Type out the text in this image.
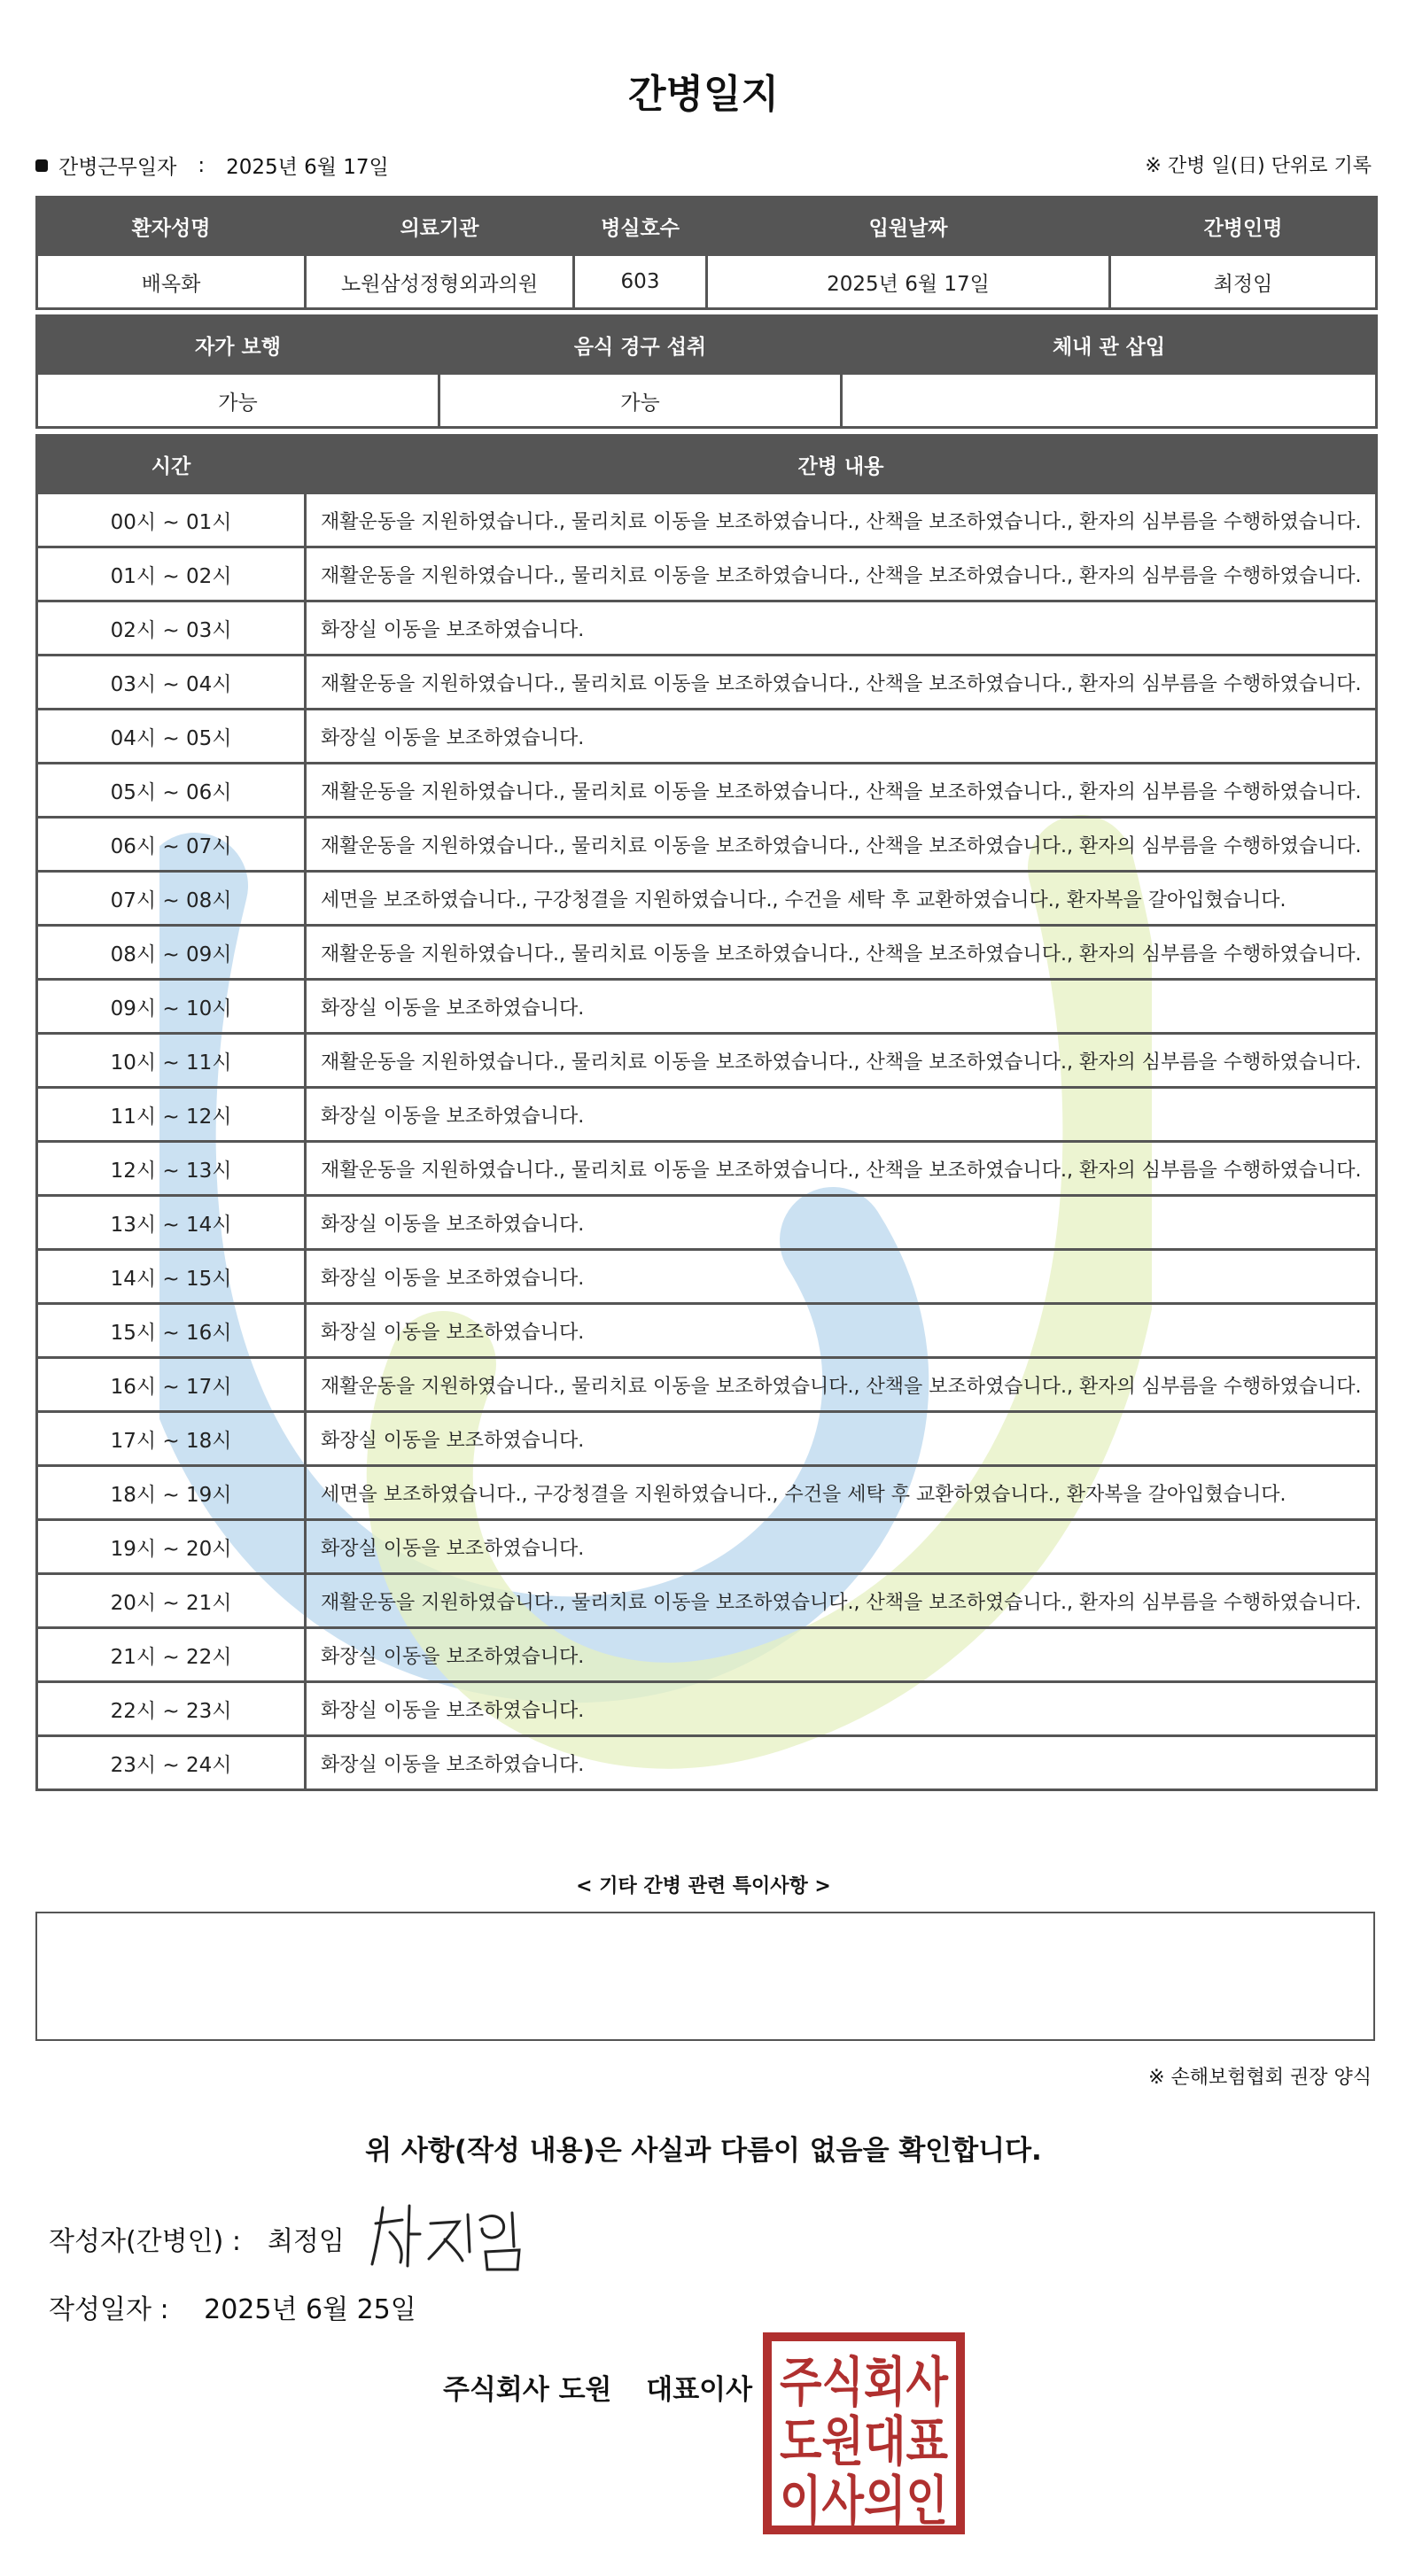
간병일지
간병근무일자 : 2025년 6월 17일	※ 간병 일(日) 단위로 기록
환자성명	의료기관	병실호수	입원날짜	간병인명
배옥화	노원삼성정형외과의원	603	2025년 6월 17일	최정임
자가 보행	음식 경구 섭취	체내 관 삽입
가능	가능	
시간	간병 내용
00시 ~ 01시	재활운동을 지원하였습니다., 물리치료 이동을 보조하였습니다., 산책을 보조하였습니다., 환자의 심부름을 수행하였습니다.
01시 ~ 02시	재활운동을 지원하였습니다., 물리치료 이동을 보조하였습니다., 산책을 보조하였습니다., 환자의 심부름을 수행하였습니다.
02시 ~ 03시	화장실 이동을 보조하였습니다.
03시 ~ 04시	재활운동을 지원하였습니다., 물리치료 이동을 보조하였습니다., 산책을 보조하였습니다., 환자의 심부름을 수행하였습니다.
04시 ~ 05시	화장실 이동을 보조하였습니다.
05시 ~ 06시	재활운동을 지원하였습니다., 물리치료 이동을 보조하였습니다., 산책을 보조하였습니다., 환자의 심부름을 수행하였습니다.
06시 ~ 07시	재활운동을 지원하였습니다., 물리치료 이동을 보조하였습니다., 산책을 보조하였습니다., 환자의 심부름을 수행하였습니다.
07시 ~ 08시	세면을 보조하였습니다., 구강청결을 지원하였습니다., 수건을 세탁 후 교환하였습니다., 환자복을 갈아입혔습니다.
08시 ~ 09시	재활운동을 지원하였습니다., 물리치료 이동을 보조하였습니다., 산책을 보조하였습니다., 환자의 심부름을 수행하였습니다.
09시 ~ 10시	화장실 이동을 보조하였습니다.
10시 ~ 11시	재활운동을 지원하였습니다., 물리치료 이동을 보조하였습니다., 산책을 보조하였습니다., 환자의 심부름을 수행하였습니다.
11시 ~ 12시	화장실 이동을 보조하였습니다.
12시 ~ 13시	재활운동을 지원하였습니다., 물리치료 이동을 보조하였습니다., 산책을 보조하였습니다., 환자의 심부름을 수행하였습니다.
13시 ~ 14시	화장실 이동을 보조하였습니다.
14시 ~ 15시	화장실 이동을 보조하였습니다.
15시 ~ 16시	화장실 이동을 보조하였습니다.
16시 ~ 17시	재활운동을 지원하였습니다., 물리치료 이동을 보조하였습니다., 산책을 보조하였습니다., 환자의 심부름을 수행하였습니다.
17시 ~ 18시	화장실 이동을 보조하였습니다.
18시 ~ 19시	세면을 보조하였습니다., 구강청결을 지원하였습니다., 수건을 세탁 후 교환하였습니다., 환자복을 갈아입혔습니다.
19시 ~ 20시	화장실 이동을 보조하였습니다.
20시 ~ 21시	재활운동을 지원하였습니다., 물리치료 이동을 보조하였습니다., 산책을 보조하였습니다., 환자의 심부름을 수행하였습니다.
21시 ~ 22시	화장실 이동을 보조하였습니다.
22시 ~ 23시	화장실 이동을 보조하였습니다.
23시 ~ 24시	화장실 이동을 보조하였습니다.
< 기타 간병 관련 특이사항 >
※ 손해보험협회 권장 양식
위 사항(작성 내용)은 사실과 다름이 없음을 확인합니다.
작성자(간병인) : 최정임
작성일자 : 2025년 6월 25일
주식회사 도원 대표이사 주식회사
도원대표
이사의인
